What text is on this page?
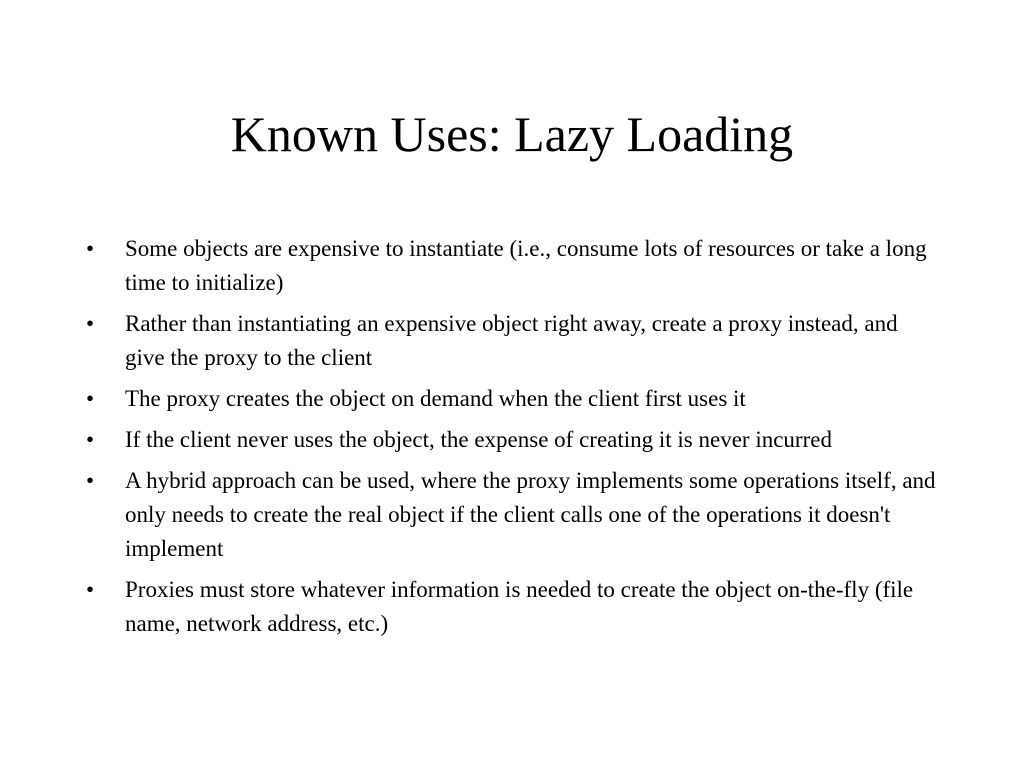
Known Uses: Lazy Loading
• Some objects are expensive to instantiate (i.e., consume lots of resources or take a long time to initialize)
• Rather than instantiating an expensive object right away, create a proxy instead, and give the proxy to the client
• The proxy creates the object on demand when the client first uses it
• If the client never uses the object, the expense of creating it is never incurred
• A hybrid approach can be used, where the proxy implements some operations itself, and only needs to create the real object if the client calls one of the operations it doesn't implement
• Proxies must store whatever information is needed to create the object on-the-fly (file name, network address, etc.)
